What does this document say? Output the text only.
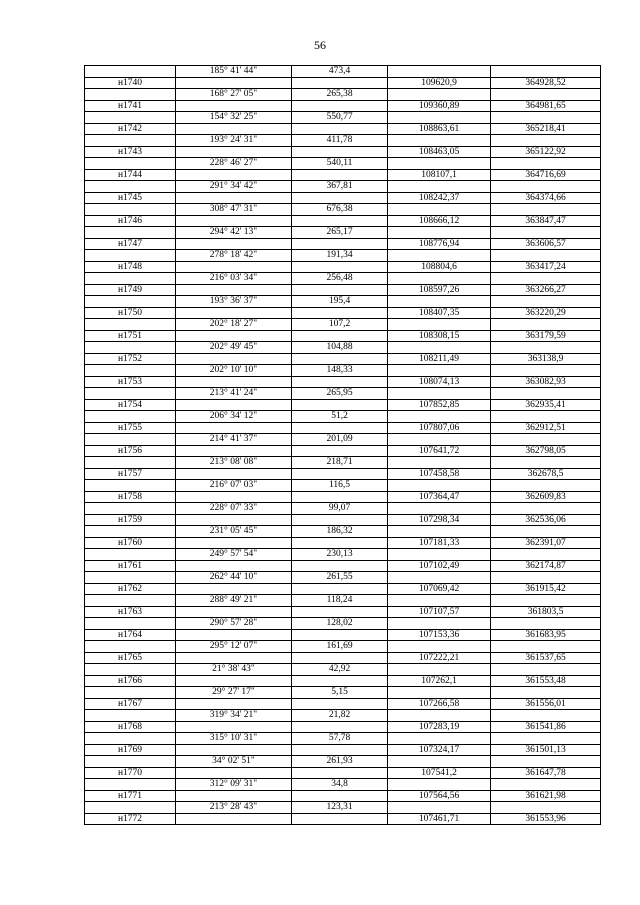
56
	185° 41' 44"	473,4		
н1740			109620,9	364928,52
	168° 27' 05"	265,38		
н1741			109360,89	364981,65
	154° 32' 25"	550,77		
н1742			108863,61	365218,41
	193° 24' 31"	411,78		
н1743			108463,05	365122,92
	228° 46' 27"	540,11		
н1744			108107,1	364716,69
	291° 34' 42"	367,81		
н1745			108242,37	364374,66
	308° 47' 31"	676,38		
н1746			108666,12	363847,47
	294° 42' 13"	265,17		
н1747			108776,94	363606,57
	278° 18' 42"	191,34		
н1748			108804,6	363417,24
	216° 03' 34"	256,48		
н1749			108597,26	363266,27
	193° 36' 37"	195,4		
н1750			108407,35	363220,29
	202° 18' 27"	107,2		
н1751			108308,15	363179,59
	202° 49' 45"	104,88		
н1752			108211,49	363138,9
	202° 10' 10"	148,33		
н1753			108074,13	363082,93
	213° 41' 24"	265,95		
н1754			107852,85	362935,41
	206° 34' 12"	51,2		
н1755			107807,06	362912,51
	214° 41' 37"	201,09		
н1756			107641,72	362798,05
	213° 08' 08"	218,71		
н1757			107458,58	362678,5
	216° 07' 03"	116,5		
н1758			107364,47	362609,83
	228° 07' 33"	99,07		
н1759			107298,34	362536,06
	231° 05' 45"	186,32		
н1760			107181,33	362391,07
	249° 57' 54"	230,13		
н1761			107102,49	362174,87
	262° 44' 10"	261,55		
н1762			107069,42	361915,42
	288° 49' 21"	118,24		
н1763			107107,57	361803,5
	290° 57' 28"	128,02		
н1764			107153,36	361683,95
	295° 12' 07"	161,69		
н1765			107222,21	361537,65
	21° 38' 43"	42,92		
н1766			107262,1	361553,48
	29° 27' 17"	5,15		
н1767			107266,58	361556,01
	319° 34' 21"	21,82		
н1768			107283,19	361541,86
	315° 10' 31"	57,78		
н1769			107324,17	361501,13
	34° 02' 51"	261,93		
н1770			107541,2	361647,78
	312° 09' 31"	34,8		
н1771			107564,56	361621,98
	213° 28' 43"	123,31		
н1772			107461,71	361553,96
